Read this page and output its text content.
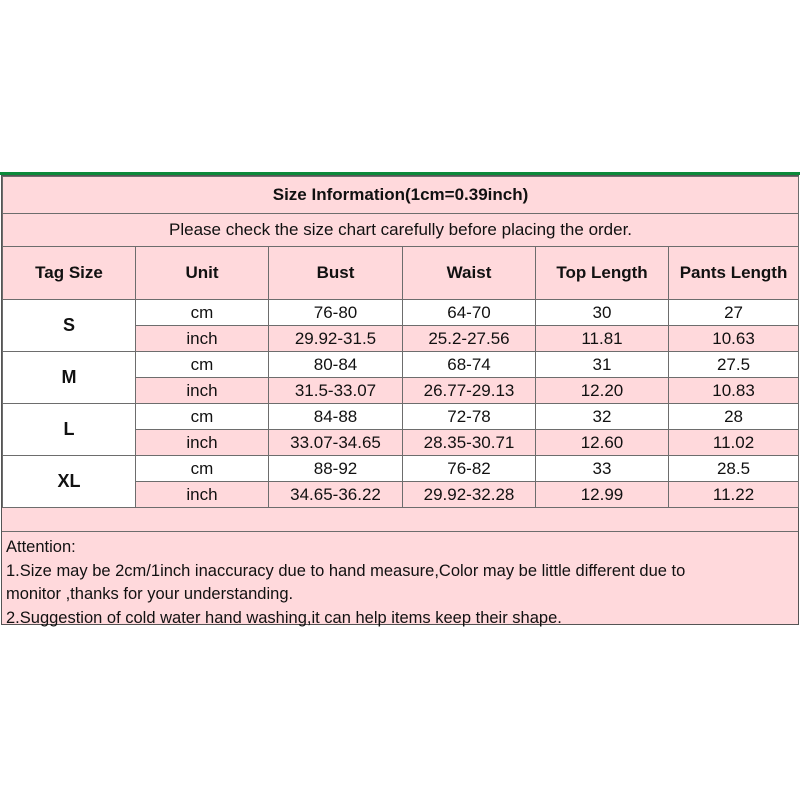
Size Information(1cm=0.39inch)					
Please check the size chart carefully before placing the order.					
Tag Size	Unit	Bust	Waist	Top Length	Pants Length
S	cm	76-80	64-70	30	27
	inch	29.92-31.5	25.2-27.56	11.81	10.63
M	cm	80-84	68-74	31	27.5
	inch	31.5-33.07	26.77-29.13	12.20	10.83
L	cm	84-88	72-78	32	28
	inch	33.07-34.65	28.35-30.71	12.60	11.02
XL	cm	88-92	76-82	33	28.5
	inch	34.65-36.22	29.92-32.28	12.99	11.22
Attention:
1.Size may be 2cm/1inch inaccuracy due to hand measure,Color may be little different due to
monitor ,thanks for your understanding.
2.Suggestion of cold water hand washing,it can help items keep their shape.
